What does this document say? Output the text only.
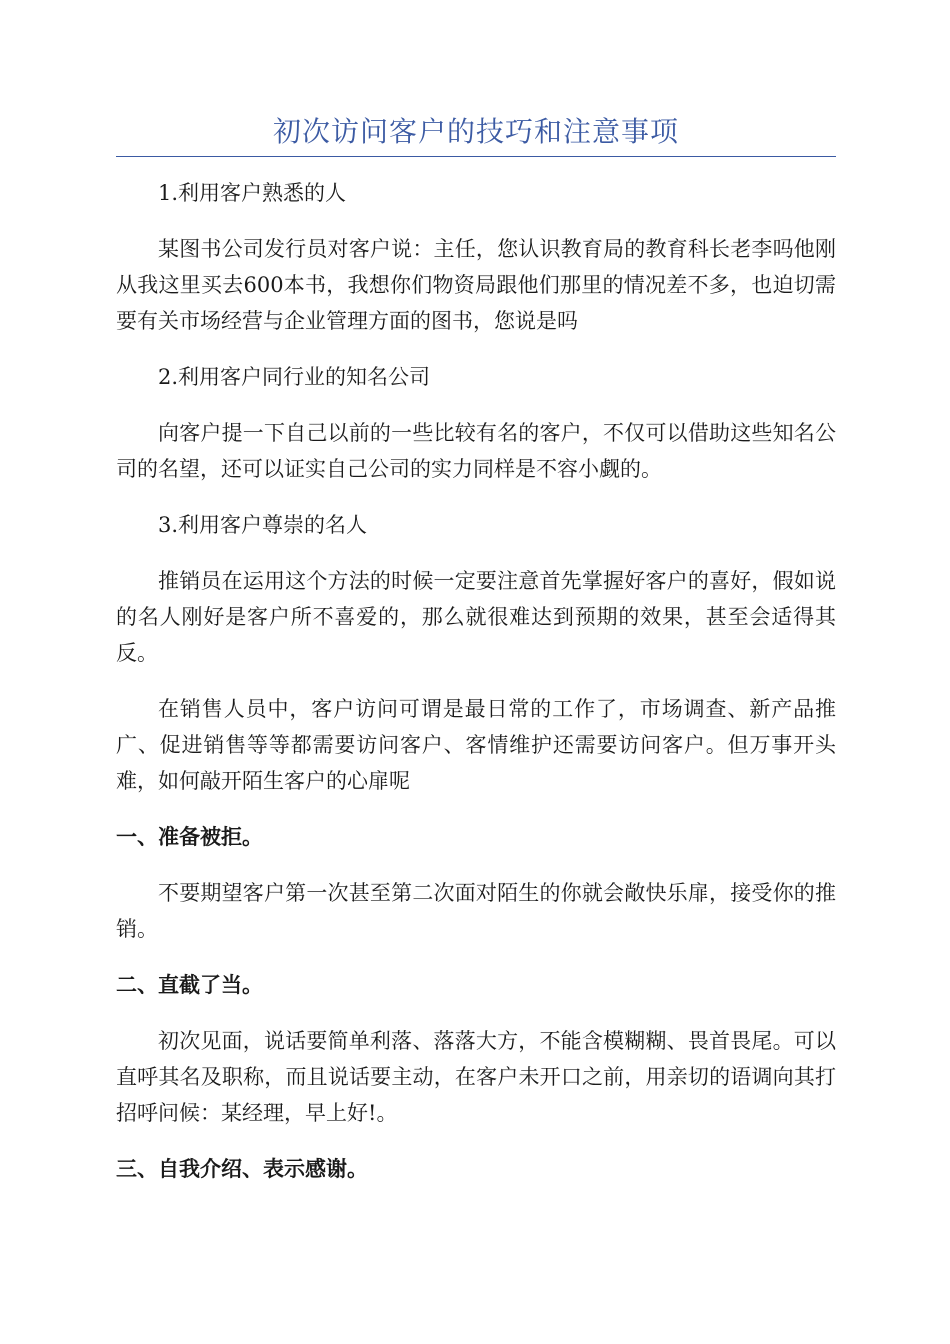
初次访问客户的技巧和注意事项

1.利用客户熟悉的人

某图书公司发行员对客户说：主任，您认识教育局的教育科长老李吗他刚从我这里买去600本书，我想你们物资局跟他们那里的情况差不多，也迫切需要有关市场经营与企业管理方面的图书，您说是吗

2.利用客户同行业的知名公司

向客户提一下自己以前的一些比较有名的客户，不仅可以借助这些知名公司的名望，还可以证实自己公司的实力同样是不容小觑的。

3.利用客户尊崇的名人

推销员在运用这个方法的时候一定要注意首先掌握好客户的喜好，假如说的名人刚好是客户所不喜爱的，那么就很难达到预期的效果，甚至会适得其反。

在销售人员中，客户访问可谓是最日常的工作了，市场调查、新产品推广、促进销售等等都需要访问客户、客情维护还需要访问客户。但万事开头难，如何敲开陌生客户的心扉呢

一、准备被拒。

不要期望客户第一次甚至第二次面对陌生的你就会敞快乐扉，接受你的推销。

二、直截了当。

初次见面，说话要简单利落、落落大方，不能含模糊糊、畏首畏尾。可以直呼其名及职称，而且说话要主动，在客户未开口之前，用亲切的语调向其打招呼问候：某经理，早上好!。

三、自我介绍、表示感谢。
